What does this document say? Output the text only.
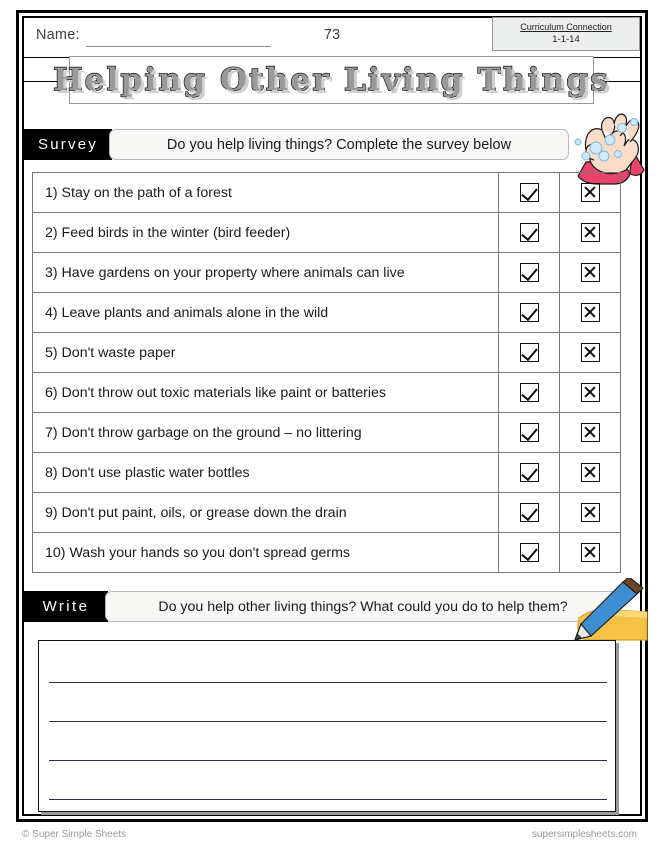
Name:	73	Curriculum Connection
1-1-14
Helping Other Living Things
Survey	Do you help living things? Complete the survey below
1) Stay on the path of a forest		
2) Feed birds in the winter (bird feeder)		
3) Have gardens on your property where animals can live		
4) Leave plants and animals alone in the wild		
5) Don't waste paper		
6) Don't throw out toxic materials like paint or batteries		
7) Don't throw garbage on the ground – no littering		
8) Don't use plastic water bottles		
9) Don't put paint, oils, or grease down the drain		
10) Wash your hands so you don't spread germs		
Write	Do you help other living things? What could you do to help them?
© Super Simple Sheets	supersimplesheets.com
